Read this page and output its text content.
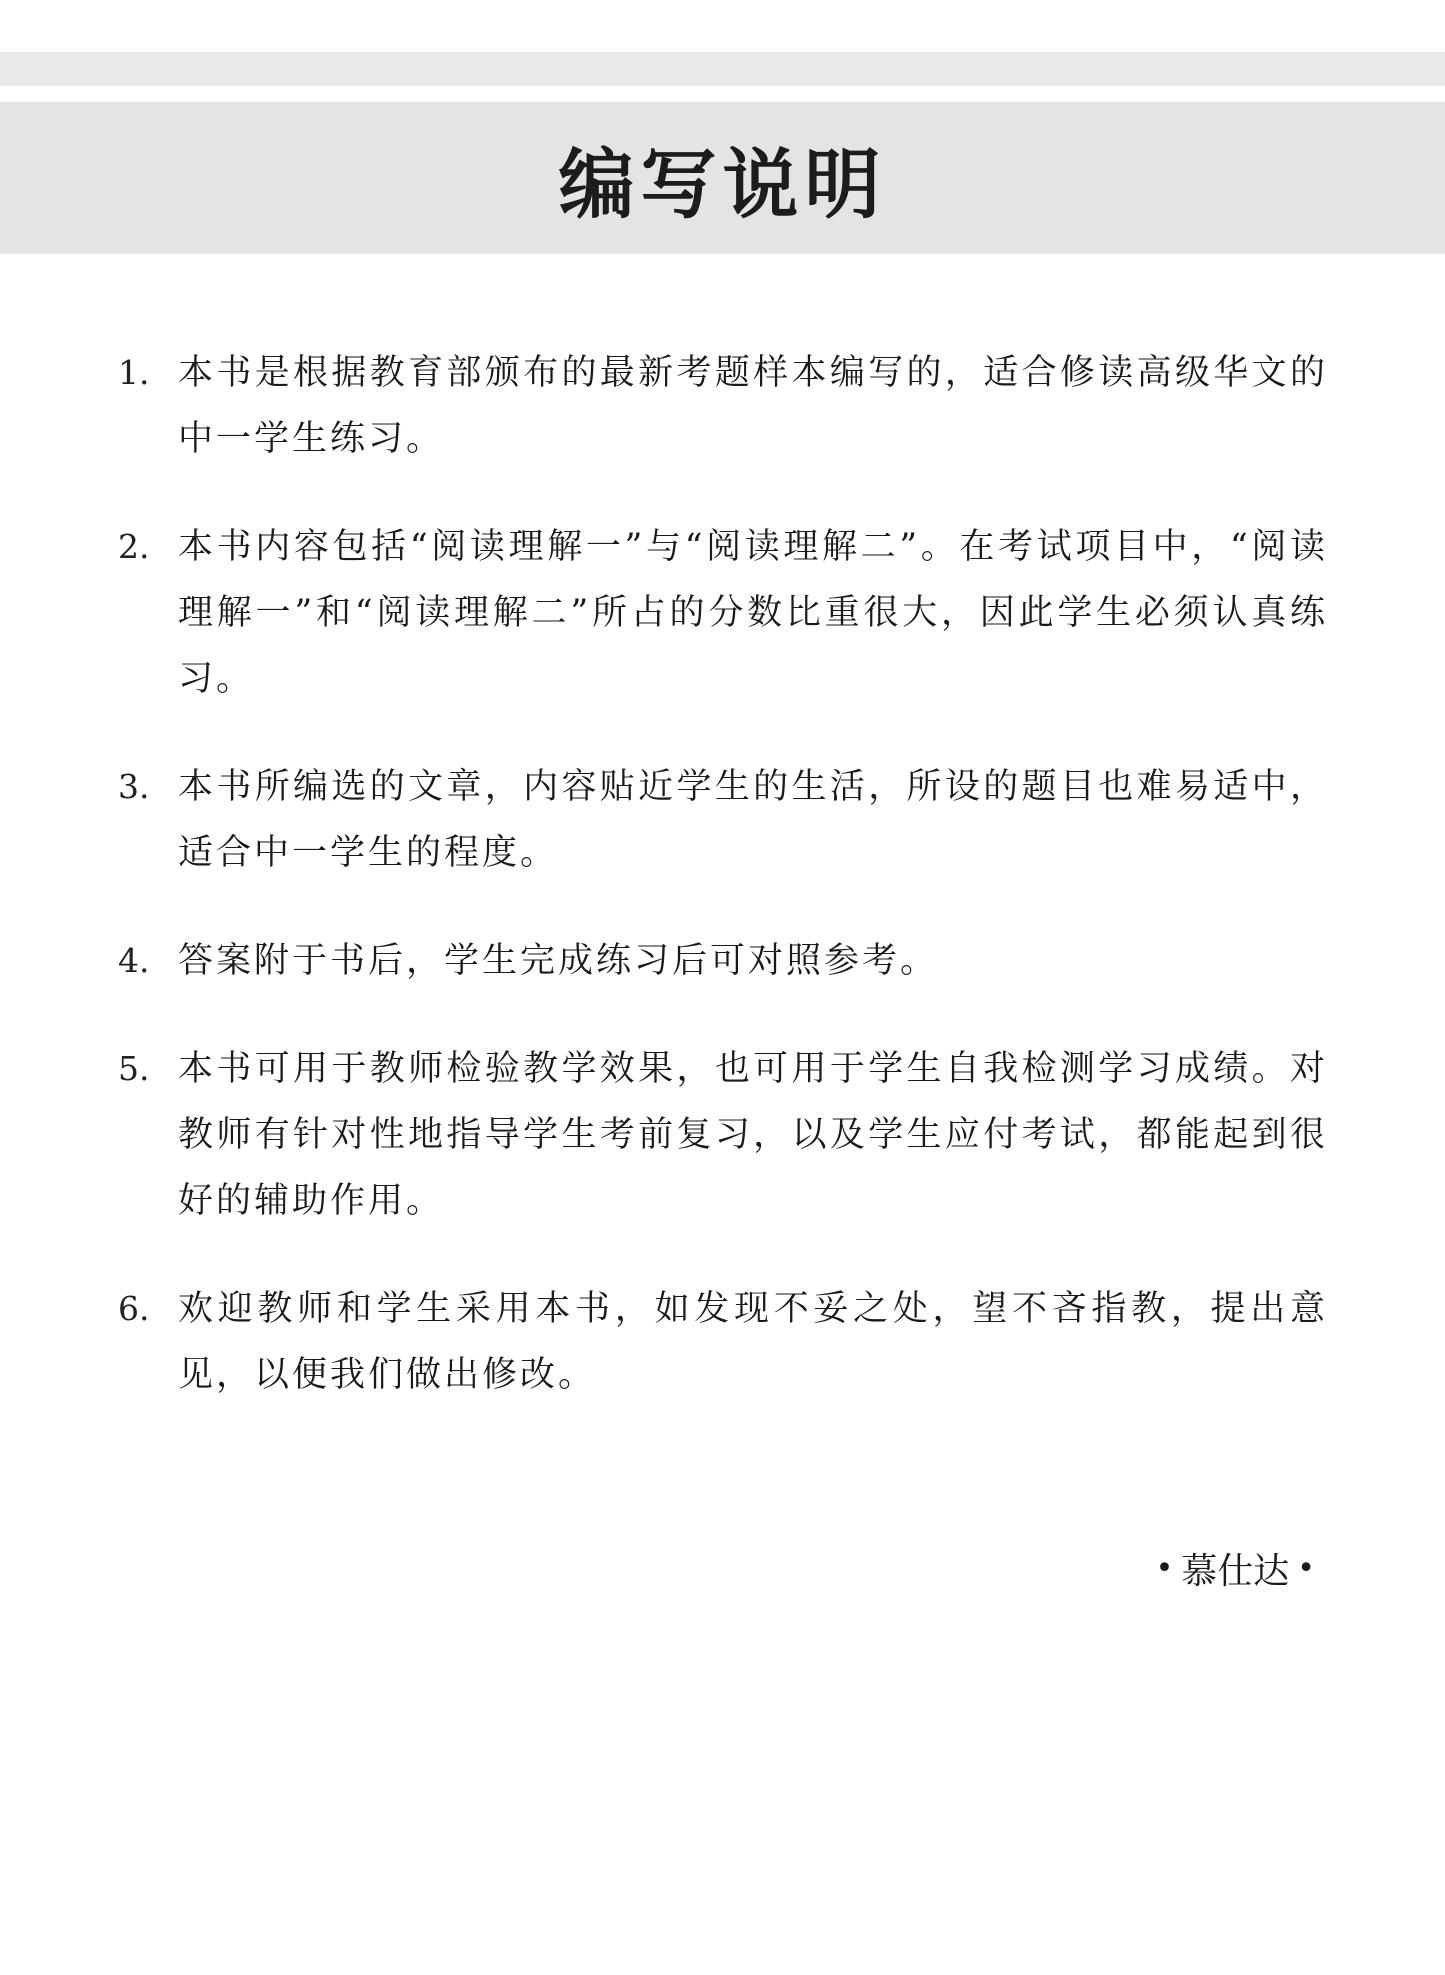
编写说明
1. 本书是根据教育部颁布的最新考题样本编写的，适合修读高级华文的中一学生练习。
2. 本书内容包括“阅读理解一”与“阅读理解二”。在考试项目中，“阅读理解一”和“阅读理解二”所占的分数比重很大，因此学生必须认真练习。
3. 本书所编选的文章，内容贴近学生的生活，所设的题目也难易适中，适合中一学生的程度。
4. 答案附于书后，学生完成练习后可对照参考。
5. 本书可用于教师检验教学效果，也可用于学生自我检测学习成绩。对教师有针对性地指导学生考前复习，以及学生应付考试，都能起到很好的辅助作用。
6. 欢迎教师和学生采用本书，如发现不妥之处，望不吝指教，提出意见，以便我们做出修改。
• 慕仕达 •
